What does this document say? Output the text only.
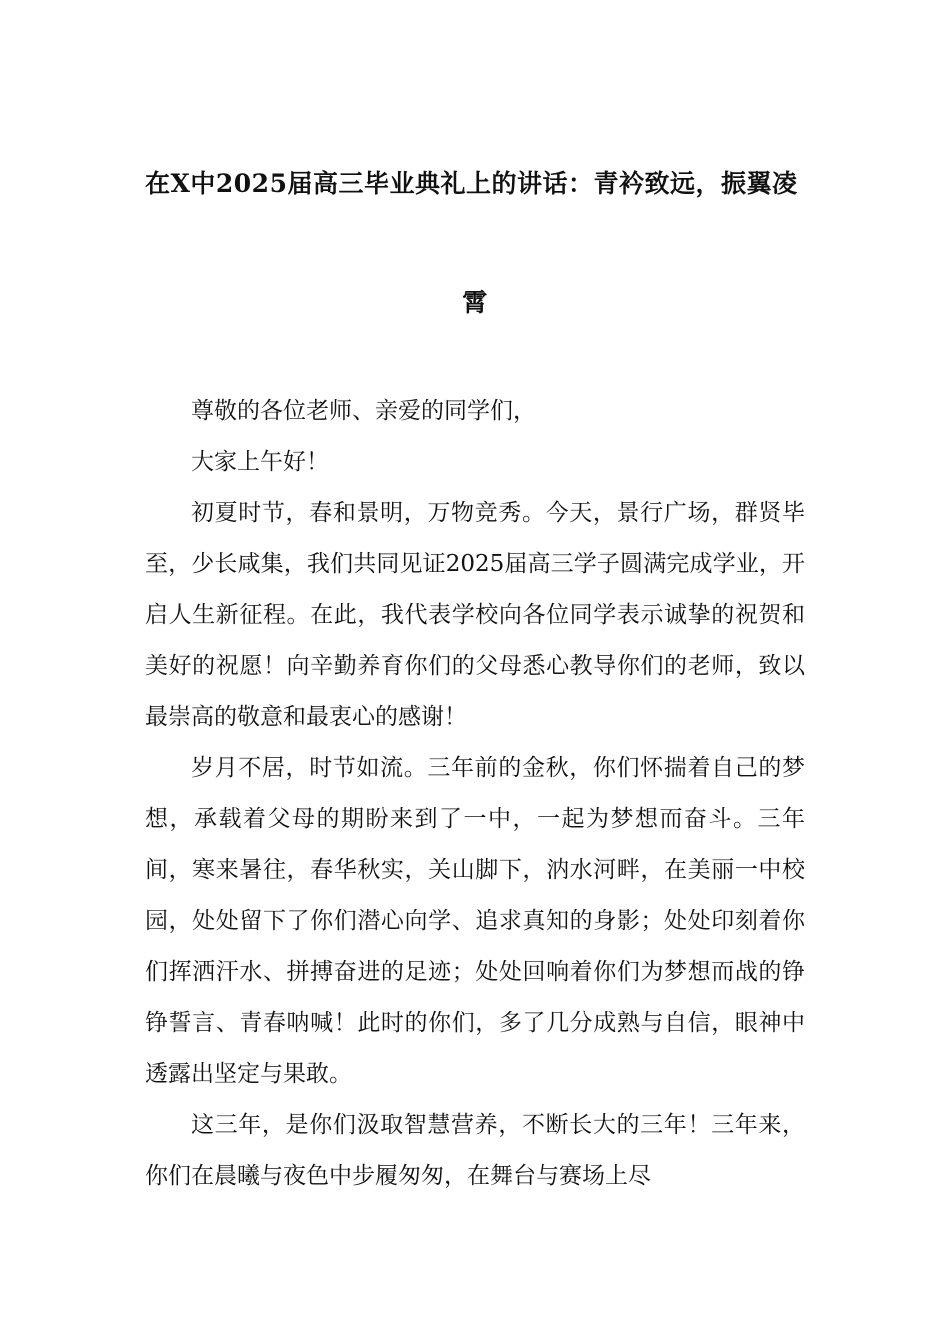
在X中2025届高三毕业典礼上的讲话：青衿致远，振翼凌
霄

尊敬的各位老师、亲爱的同学们，

大家上午好！

初夏时节，春和景明，万物竞秀。今天，景行广场，群贤毕至，少长咸集，我们共同见证2025届高三学子圆满完成学业，开启人生新征程。在此，我代表学校向各位同学表示诚挚的祝贺和美好的祝愿！向辛勤养育你们的父母悉心教导你们的老师，致以最崇高的敬意和最衷心的感谢！

岁月不居，时节如流。三年前的金秋，你们怀揣着自己的梦想，承载着父母的期盼来到了一中，一起为梦想而奋斗。三年间，寒来暑往，春华秋实，关山脚下，汭水河畔，在美丽一中校园，处处留下了你们潜心向学、追求真知的身影；处处印刻着你们挥洒汗水、拼搏奋进的足迹；处处回响着你们为梦想而战的铮铮誓言、青春呐喊！此时的你们，多了几分成熟与自信，眼神中透露出坚定与果敢。

这三年，是你们汲取智慧营养，不断长大的三年！三年来，你们在晨曦与夜色中步履匆匆，在舞台与赛场上尽
